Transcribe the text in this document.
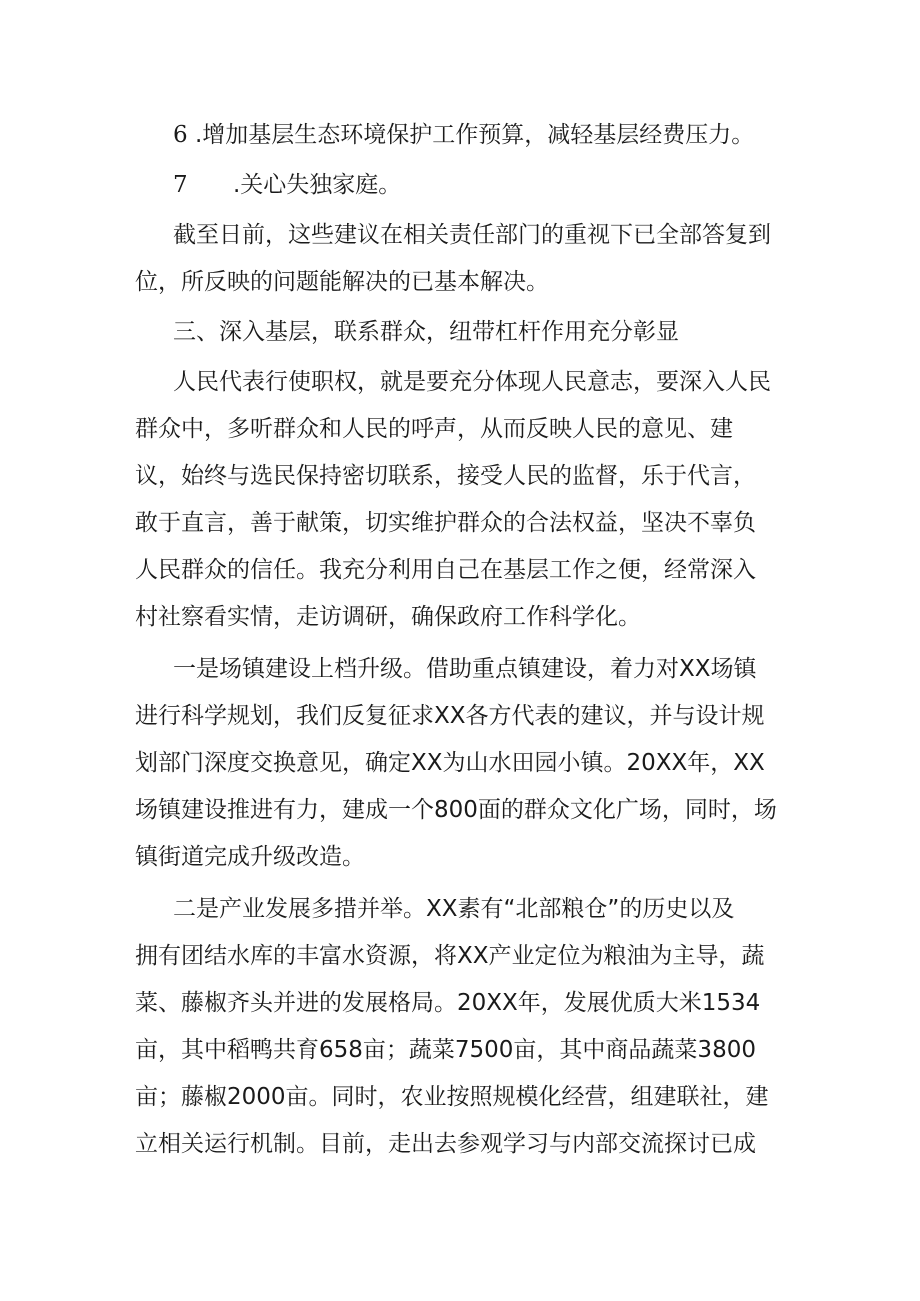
6 .增加基层生态环境保护工作预算，减轻基层经费压力。
7 .关心失独家庭。
截至日前，这些建议在相关责任部门的重视下已全部答复到
位，所反映的问题能解决的已基本解决。
三、深入基层，联系群众，纽带杠杆作用充分彰显
人民代表行使职权，就是要充分体现人民意志，要深入人民
群众中，多听群众和人民的呼声，从而反映人民的意见、建
议，始终与选民保持密切联系，接受人民的监督，乐于代言，
敢于直言，善于献策，切实维护群众的合法权益，坚决不辜负
人民群众的信任。我充分利用自己在基层工作之便，经常深入
村社察看实情，走访调研，确保政府工作科学化。
一是场镇建设上档升级。借助重点镇建设，着力对XX场镇
进行科学规划，我们反复征求XX各方代表的建议，并与设计规
划部门深度交换意见，确定XX为山水田园小镇。20XX年，XX
场镇建设推进有力，建成一个800面的群众文化广场，同时，场
镇街道完成升级改造。
二是产业发展多措并举。XX素有“北部粮仓”的历史以及
拥有团结水库的丰富水资源，将XX产业定位为粮油为主导，蔬
菜、藤椒齐头并进的发展格局。20XX年，发展优质大米1534
亩，其中稻鸭共育658亩；蔬菜7500亩，其中商品蔬菜3800
亩；藤椒2000亩。同时，农业按照规模化经营，组建联社，建
立相关运行机制。目前，走出去参观学习与内部交流探讨已成
